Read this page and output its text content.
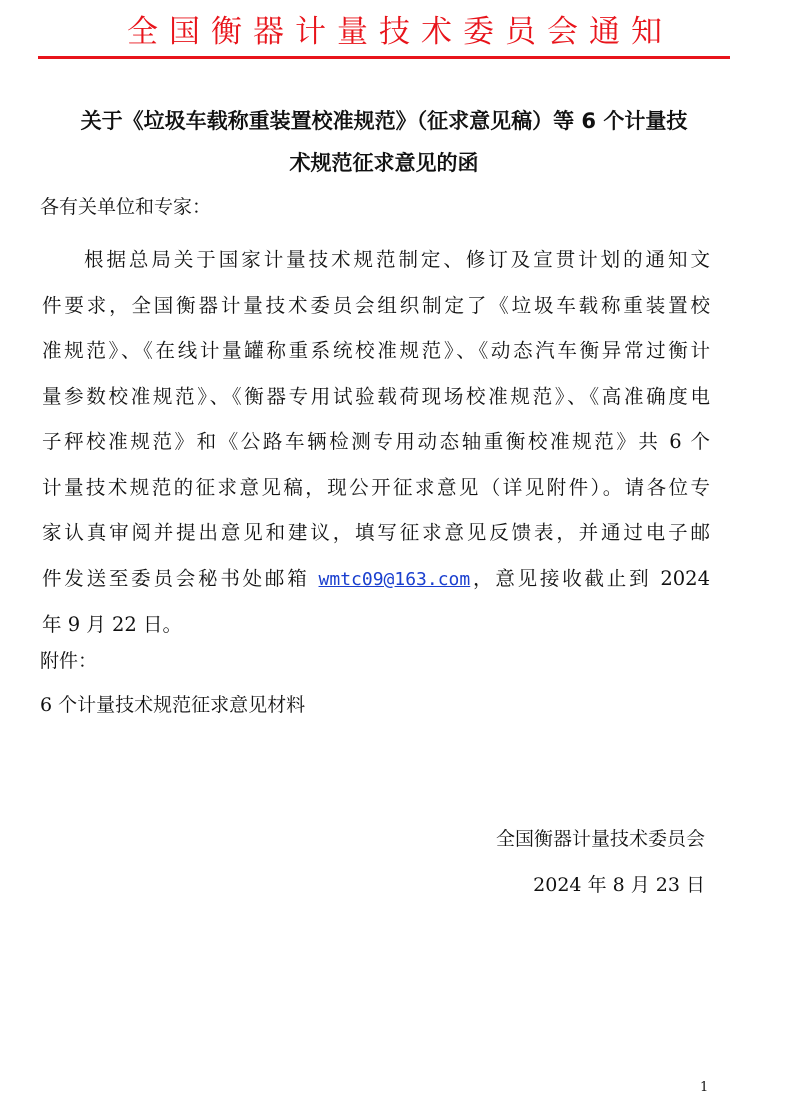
全国衡器计量技术委员会通知
关于《垃圾车载称重装置校准规范》（征求意见稿）等 6 个计量技
术规范征求意见的函
各有关单位和专家：
根据总局关于国家计量技术规范制定、修订及宣贯计划的通知文
件要求，全国衡器计量技术委员会组织制定了《垃圾车载称重装置校
准规范》、《在线计量罐称重系统校准规范》、《动态汽车衡异常过衡计
量参数校准规范》、《衡器专用试验载荷现场校准规范》、《高准确度电
子秤校准规范》和《公路车辆检测专用动态轴重衡校准规范》共 6 个
计量技术规范的征求意见稿，现公开征求意见（详见附件）。请各位专
家认真审阅并提出意见和建议，填写征求意见反馈表，并通过电子邮
件发送至委员会秘书处邮箱 wmtc09@163.com，意见接收截止到 2024
年 9 月 22 日。
附件：
6 个计量技术规范征求意见材料
全国衡器计量技术委员会
2024 年 8 月 23 日
1
